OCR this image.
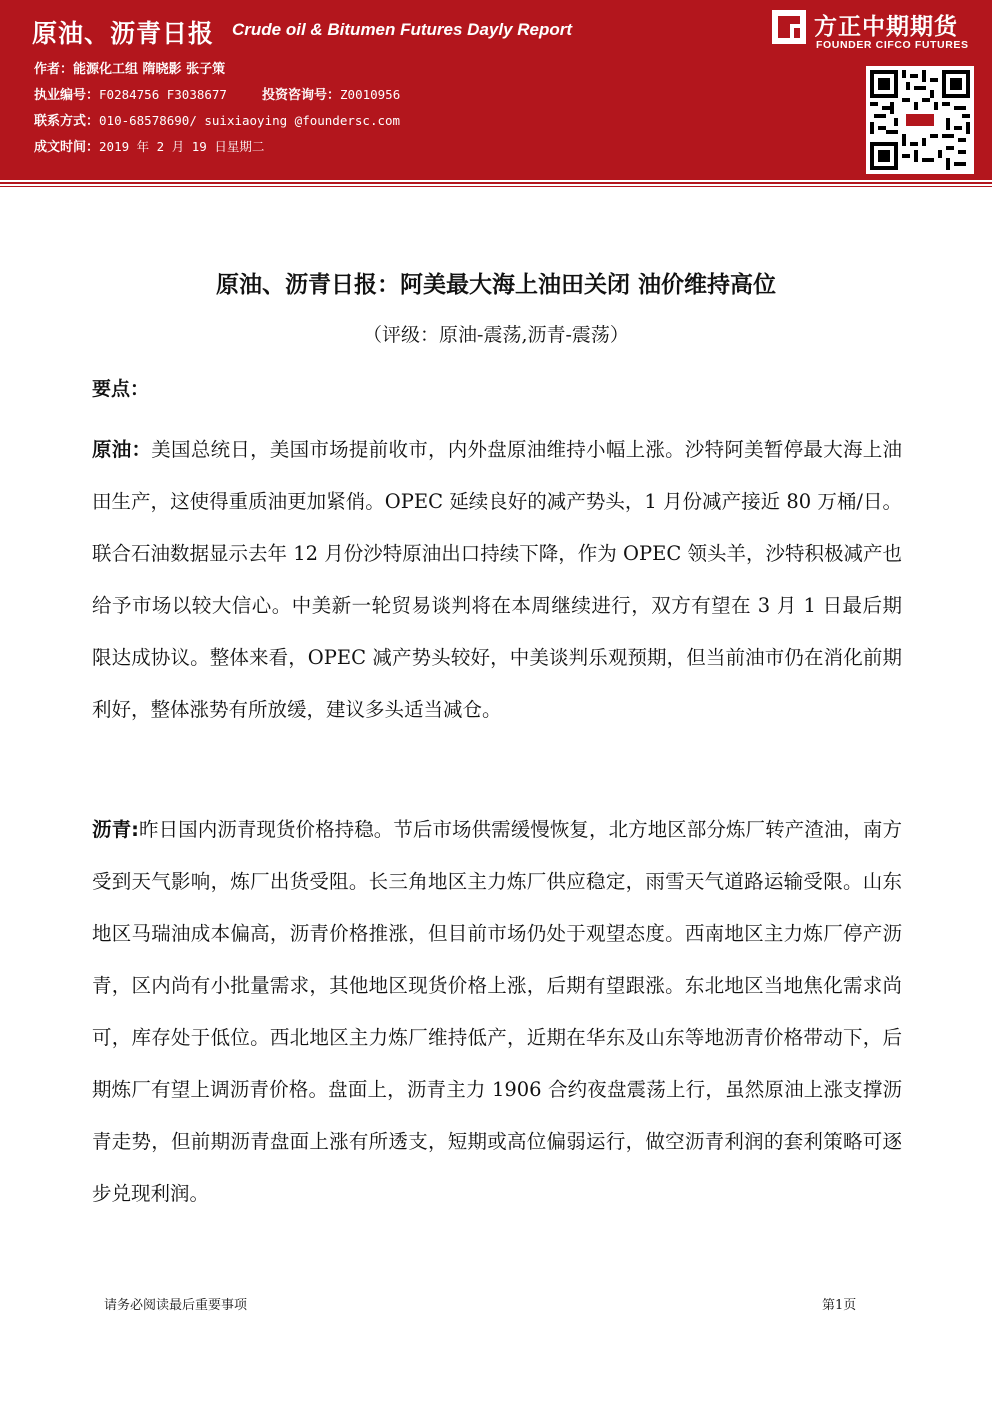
原油、沥青日报 Crude oil & Bitumen Futures Dayly Report
作者：能源化工组 隋晓影 张子策
执业编号：F0284756 F3038677	投资咨询号：Z0010956
联系方式：010-68578690/ suixiaoying @foundersc.com
成文时间：2019 年 2 月 19 日星期二
方正中期期货
FOUNDER CIFCO FUTURES
原油、沥青日报：阿美最大海上油田关闭 油价维持高位
（评级：原油-震荡,沥青-震荡）
要点：
原油：美国总统日，美国市场提前收市，内外盘原油维持小幅上涨。沙特阿美暂停最大海上油田生产，这使得重质油更加紧俏。OPEC 延续良好的减产势头，1 月份减产接近 80 万桶/日。联合石油数据显示去年 12 月份沙特原油出口持续下降，作为 OPEC 领头羊，沙特积极减产也给予市场以较大信心。中美新一轮贸易谈判将在本周继续进行，双方有望在 3 月 1 日最后期限达成协议。整体来看，OPEC 减产势头较好，中美谈判乐观预期，但当前油市仍在消化前期利好，整体涨势有所放缓，建议多头适当减仓。
沥青:昨日国内沥青现货价格持稳。节后市场供需缓慢恢复，北方地区部分炼厂转产渣油，南方受到天气影响，炼厂出货受阻。长三角地区主力炼厂供应稳定，雨雪天气道路运输受限。山东地区马瑞油成本偏高，沥青价格推涨，但目前市场仍处于观望态度。西南地区主力炼厂停产沥青，区内尚有小批量需求，其他地区现货价格上涨，后期有望跟涨。东北地区当地焦化需求尚可，库存处于低位。西北地区主力炼厂维持低产，近期在华东及山东等地沥青价格带动下，后期炼厂有望上调沥青价格。盘面上，沥青主力 1906 合约夜盘震荡上行，虽然原油上涨支撑沥青走势，但前期沥青盘面上涨有所透支，短期或高位偏弱运行，做空沥青利润的套利策略可逐步兑现利润。
请务必阅读最后重要事项	第1页
